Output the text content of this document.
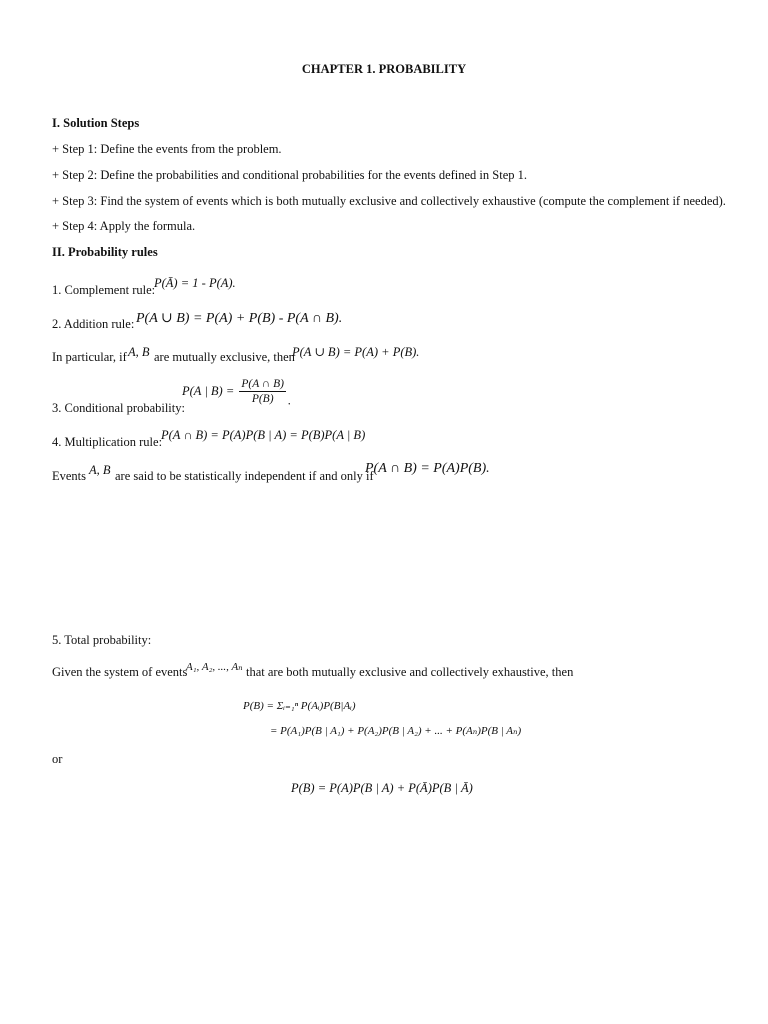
CHAPTER 1. PROBABILITY
I. Solution Steps
+ Step 1: Define the events from the problem.
+ Step 2: Define the probabilities and conditional probabilities for the events defined in Step 1.
+ Step 3: Find the system of events which is both mutually exclusive and collectively exhaustive (compute the complement if needed).
+ Step 4: Apply the formula.
II. Probability rules
1. Complement rule:
P(Ā) = 1 - P(A).
2. Addition rule: P(A ∪ B) = P(A) + P(B) - P(A ∩ B).
In particular, if A, B are mutually exclusive, then
P(A ∪ B) = P(A) + P(B).
3. Conditional probability:
P(A | $B) = \frac{P(A \cap B)}{P(B)}$ .
4. Multiplication rule:
P(A ∩ B) = P(A)P(B | A) = P(B)P(A | B)
Events A, B are said to be statistically independent if and only if
P(A ∩ B) = P(A)P(B).
5. Total probability:
Given the system of events
A₁, A₂, ..., Aₙ that are both mutually exclusive and collectively exhaustive, then
P(B) = Σᵢ₌₁ⁿ P(Aᵢ)P(B|Aᵢ)
= P(A₁)P(B | A₁) + P(A₂)P(B | A₂) + ... + P(Aₙ)P(B | Aₙ)
or
P(B) = P(A)P(B | A) + P(Ā)P(B | Ā)
